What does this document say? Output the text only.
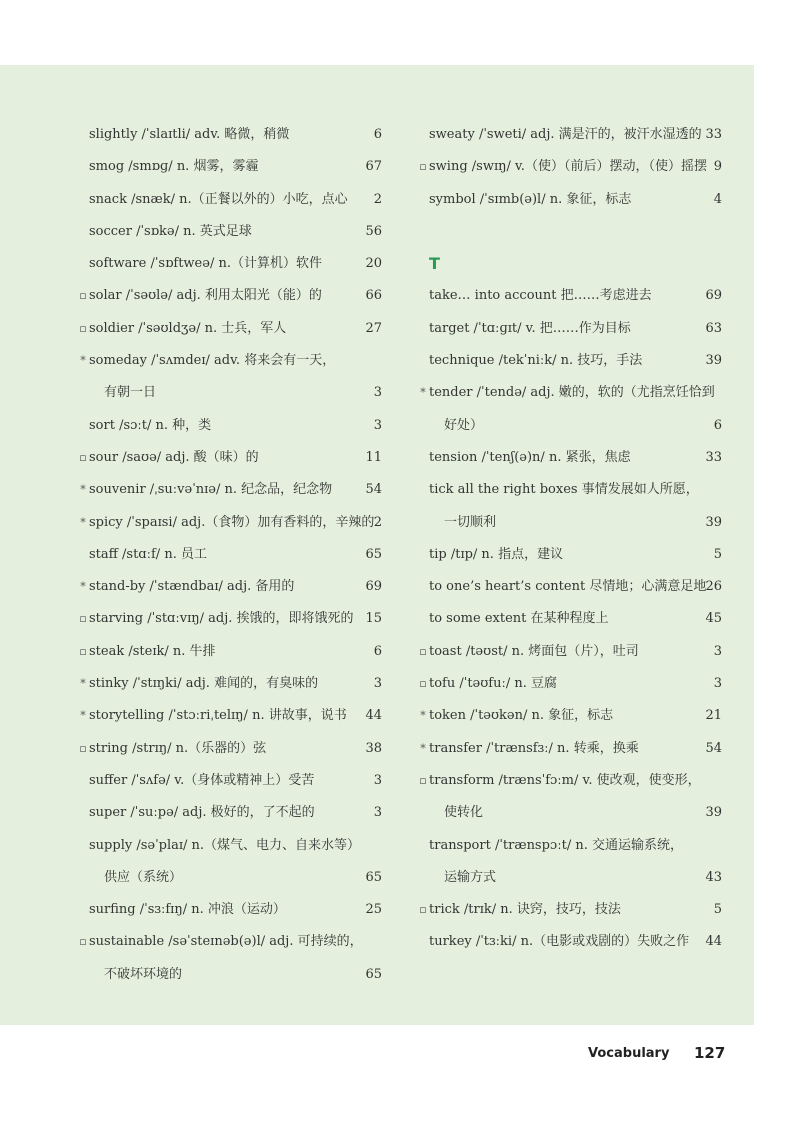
slightly /ˈslaɪtli/ adv. 略微，稍微	6
smog /smɒɡ/ n. 烟雾，雾霾	67
snack /snæk/ n.（正餐以外的）小吃，点心 2
soccer /ˈsɒkə/ n. 英式足球	56
software /ˈsɒftweə/ n.（计算机）软件	20
▫ solar /ˈsəʊlə/ adj. 利用太阳光（能）的	66
▫ soldier /ˈsəʊldʒə/ n. 士兵，军人	27
* someday /ˈsʌmdeɪ/ adv. 将来会有一天，
有朝一日	3
sort /sɔːt/ n. 种，类	3
▫ sour /saʊə/ adj. 酸（味）的	11
* souvenir /ˌsuːvəˈnɪə/ n. 纪念品，纪念物	54
* spicy /ˈspaɪsi/ adj.（食物）加有香料的，辛辣的 2
staff /stɑːf/ n. 员工	65
* stand-by /ˈstændbaɪ/ adj. 备用的	69
▫ starving /ˈstɑːvɪŋ/ adj. 挨饿的，即将饿死的 15
▫ steak /steɪk/ n. 牛排	6
* stinky /ˈstɪŋki/ adj. 难闻的，有臭味的	3
* storytelling /ˈstɔːriˌtelɪŋ/ n. 讲故事，说书 44
▫ string /strɪŋ/ n.（乐器的）弦	38
suffer /ˈsʌfə/ v.（身体或精神上）受苦	3
super /ˈsuːpə/ adj. 极好的，了不起的	3
supply /səˈplaɪ/ n.（煤气、电力、自来水等）
供应（系统）	65
surfing /ˈsɜːfɪŋ/ n. 冲浪（运动）	25
▫ sustainable /səˈsteɪnəb(ə)l/ adj. 可持续的，
不破坏环境的	65
sweaty /ˈsweti/ adj. 满是汗的，被汗水湿透的 33
▫ swing /swɪŋ/ v.（使）（前后）摆动，（使）摇摆 9
symbol /ˈsɪmb(ə)l/ n. 象征，标志	4
T
take… into account 把……考虑进去	69
target /ˈtɑːɡɪt/ v. 把……作为目标	63
technique /tekˈniːk/ n. 技巧，手法	39
* tender /ˈtendə/ adj. 嫩的，软的（尤指烹饪恰到
好处）	6
tension /ˈtenʃ(ə)n/ n. 紧张，焦虑	33
tick all the right boxes 事情发展如人所愿，
一切顺利	39
tip /tɪp/ n. 指点，建议	5
to one’s heart’s content 尽情地；心满意足地 26
to some extent 在某种程度上	45
▫ toast /təʊst/ n. 烤面包（片），吐司	3
▫ tofu /ˈtəʊfuː/ n. 豆腐	3
* token /ˈtəʊkən/ n. 象征，标志	21
* transfer /ˈtrænsfɜː/ n. 转乘，换乘	54
▫ transform /trænsˈfɔːm/ v. 使改观，使变形，
使转化	39
transport /ˈtrænspɔːt/ n. 交通运输系统，
运输方式	43
▫ trick /trɪk/ n. 诀窍，技巧，技法	5
turkey /ˈtɜːki/ n.（电影或戏剧的）失败之作 44
Vocabulary 127
